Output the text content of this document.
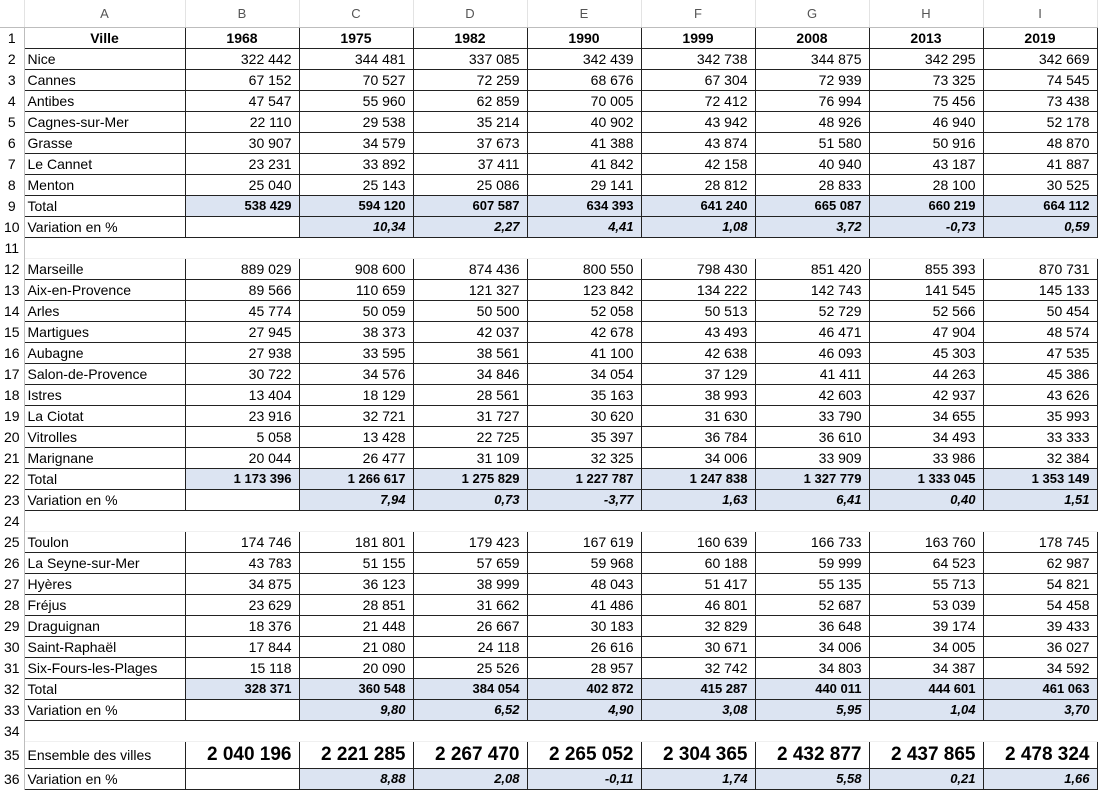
	A	B	C	D	E	F	G	H	I
1	Ville	1968	1975	1982	1990	1999	2008	2013	2019
2	Nice	322 442	344 481	337 085	342 439	342 738	344 875	342 295	342 669
3	Cannes	67 152	70 527	72 259	68 676	67 304	72 939	73 325	74 545
4	Antibes	47 547	55 960	62 859	70 005	72 412	76 994	75 456	73 438
5	Cagnes-sur-Mer	22 110	29 538	35 214	40 902	43 942	48 926	46 940	52 178
6	Grasse	30 907	34 579	37 673	41 388	43 874	51 580	50 916	48 870
7	Le Cannet	23 231	33 892	37 411	41 842	42 158	40 940	43 187	41 887
8	Menton	25 040	25 143	25 086	29 141	28 812	28 833	28 100	30 525
9	Total	538 429	594 120	607 587	634 393	641 240	665 087	660 219	664 112
10	Variation en %		10,34	2,27	4,41	1,08	3,72	-0,73	0,59
11									
12	Marseille	889 029	908 600	874 436	800 550	798 430	851 420	855 393	870 731
13	Aix-en-Provence	89 566	110 659	121 327	123 842	134 222	142 743	141 545	145 133
14	Arles	45 774	50 059	50 500	52 058	50 513	52 729	52 566	50 454
15	Martigues	27 945	38 373	42 037	42 678	43 493	46 471	47 904	48 574
16	Aubagne	27 938	33 595	38 561	41 100	42 638	46 093	45 303	47 535
17	Salon-de-Provence	30 722	34 576	34 846	34 054	37 129	41 411	44 263	45 386
18	Istres	13 404	18 129	28 561	35 163	38 993	42 603	42 937	43 626
19	La Ciotat	23 916	32 721	31 727	30 620	31 630	33 790	34 655	35 993
20	Vitrolles	5 058	13 428	22 725	35 397	36 784	36 610	34 493	33 333
21	Marignane	20 044	26 477	31 109	32 325	34 006	33 909	33 986	32 384
22	Total	1 173 396	1 266 617	1 275 829	1 227 787	1 247 838	1 327 779	1 333 045	1 353 149
23	Variation en %		7,94	0,73	-3,77	1,63	6,41	0,40	1,51
24									
25	Toulon	174 746	181 801	179 423	167 619	160 639	166 733	163 760	178 745
26	La Seyne-sur-Mer	43 783	51 155	57 659	59 968	60 188	59 999	64 523	62 987
27	Hyères	34 875	36 123	38 999	48 043	51 417	55 135	55 713	54 821
28	Fréjus	23 629	28 851	31 662	41 486	46 801	52 687	53 039	54 458
29	Draguignan	18 376	21 448	26 667	30 183	32 829	36 648	39 174	39 433
30	Saint-Raphaël	17 844	21 080	24 118	26 616	30 671	34 006	34 005	36 027
31	Six-Fours-les-Plages	15 118	20 090	25 526	28 957	32 742	34 803	34 387	34 592
32	Total	328 371	360 548	384 054	402 872	415 287	440 011	444 601	461 063
33	Variation en %		9,80	6,52	4,90	3,08	5,95	1,04	3,70
34									
35	Ensemble des villes	2 040 196	2 221 285	2 267 470	2 265 052	2 304 365	2 432 877	2 437 865	2 478 324
36	Variation en %		8,88	2,08	-0,11	1,74	5,58	0,21	1,66
